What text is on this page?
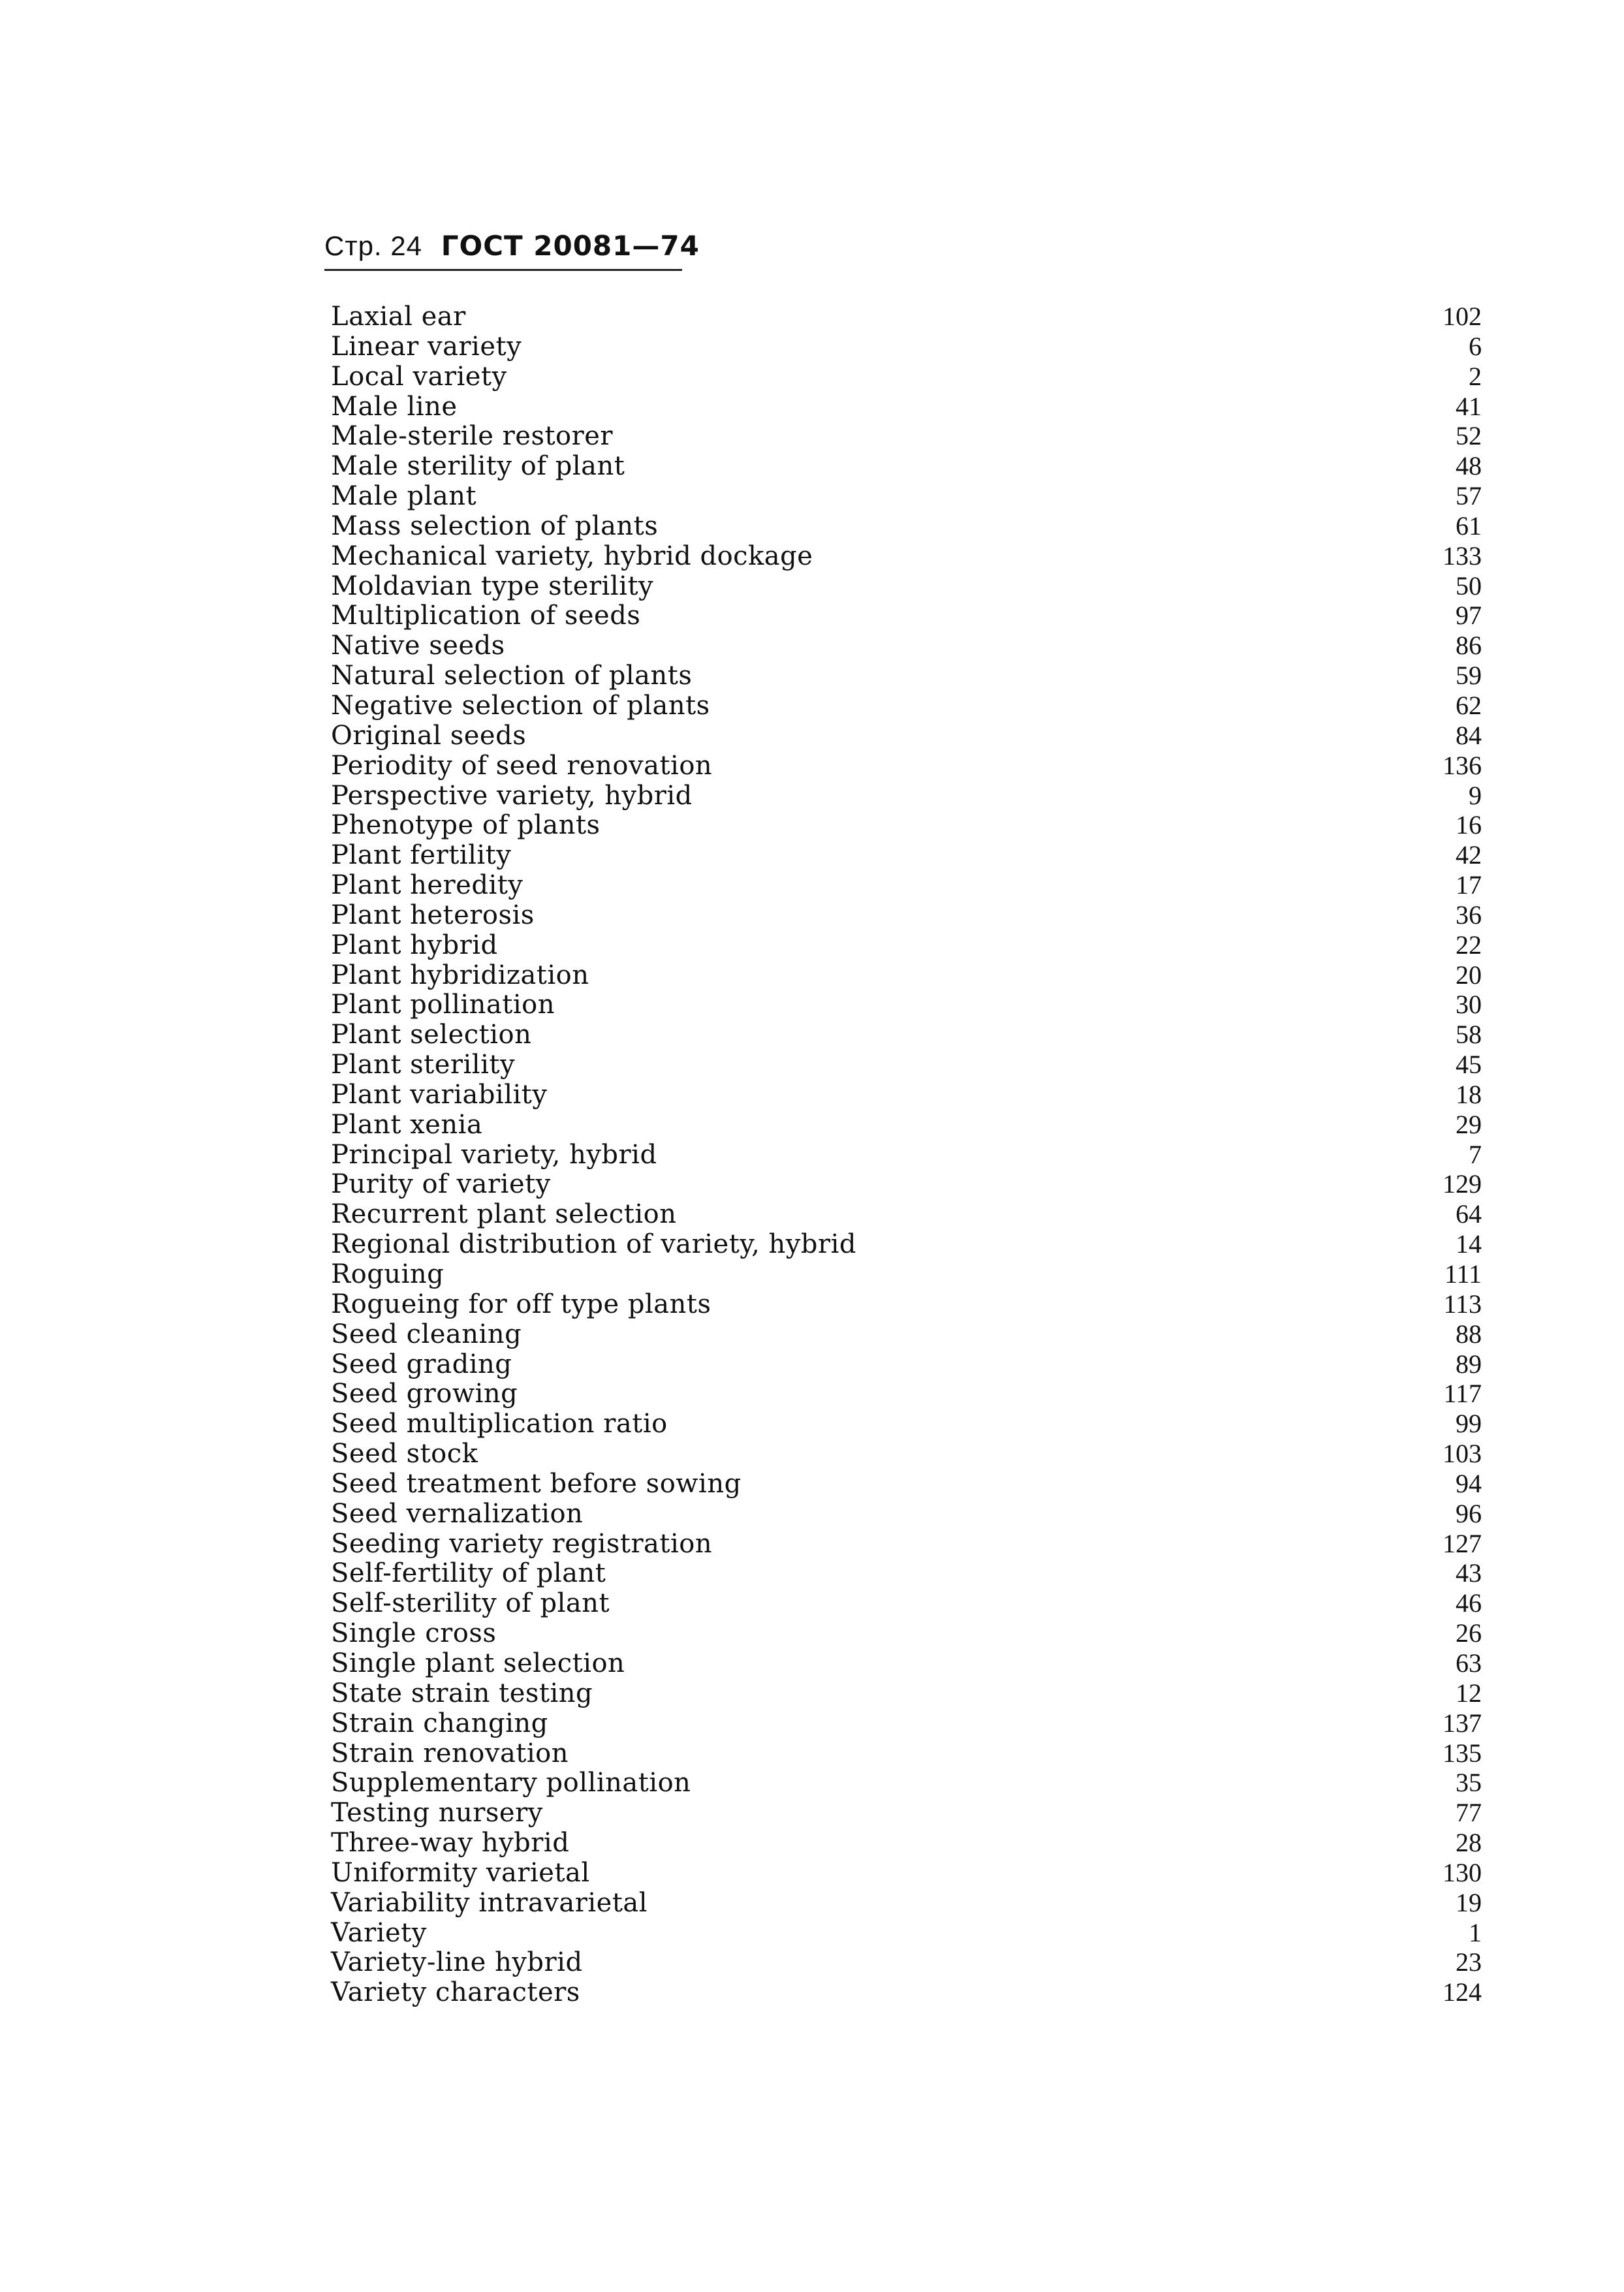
Стр. 24 ГОСТ 20081—74
Laxial ear	102
Linear variety	6
Local variety	2
Male line	41
Male-sterile restorer	52
Male sterility of plant	48
Male plant	57
Mass selection of plants	61
Mechanical variety, hybrid dockage	133
Moldavian type sterility	50
Multiplication of seeds	97
Native seeds	86
Natural selection of plants	59
Negative selection of plants	62
Original seeds	84
Periodity of seed renovation	136
Perspective variety, hybrid	9
Phenotype of plants	16
Plant fertility	42
Plant heredity	17
Plant heterosis	36
Plant hybrid	22
Plant hybridization	20
Plant pollination	30
Plant selection	58
Plant sterility	45
Plant variability	18
Plant xenia	29
Principal variety, hybrid	7
Purity of variety	129
Recurrent plant selection	64
Regional distribution of variety, hybrid	14
Roguing	111
Rogueing for off type plants	113
Seed cleaning	88
Seed grading	89
Seed growing	117
Seed multiplication ratio	99
Seed stock	103
Seed treatment before sowing	94
Seed vernalization	96
Seeding variety registration	127
Self-fertility of plant	43
Self-sterility of plant	46
Single cross	26
Single plant selection	63
State strain testing	12
Strain changing	137
Strain renovation	135
Supplementary pollination	35
Testing nursery	77
Three-way hybrid	28
Uniformity varietal	130
Variability intravarietal	19
Variety	1
Variety-line hybrid	23
Variety characters	124
